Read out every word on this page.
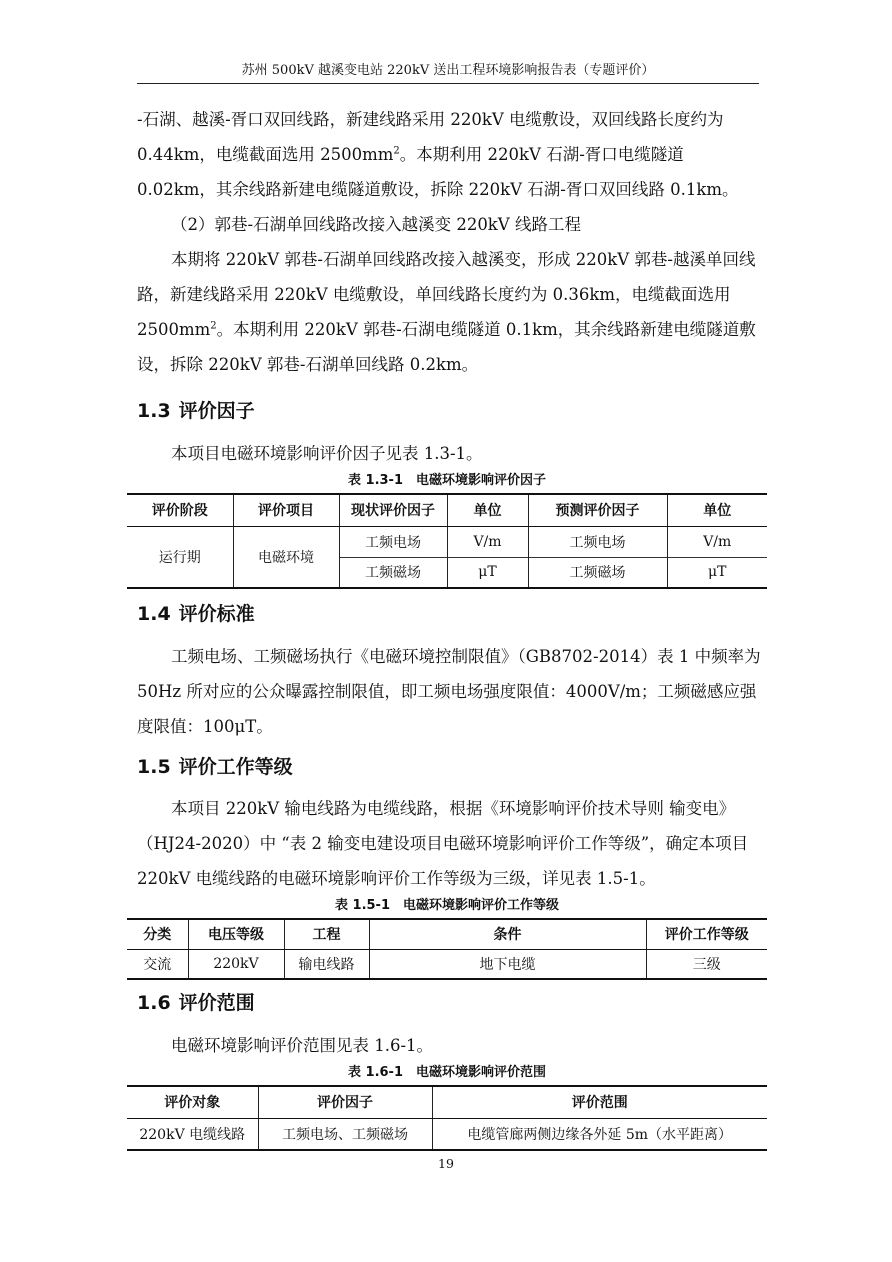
苏州 500kV 越溪变电站 220kV 送出工程环境影响报告表（专题评价）

-石湖、越溪-胥口双回线路，新建线路采用 220kV 电缆敷设，双回线路长度约为 0.44km，电缆截面选用 $2500mm^2$。本期利用 220kV 石湖-胥口电缆隧道 0.02km，其余线路新建电缆隧道敷设，拆除 220kV 石湖-胥口双回线路 0.1km。

（2）郭巷-石湖单回线路改接入越溪变 220kV 线路工程

本期将 220kV 郭巷-石湖单回线路改接入越溪变，形成 220kV 郭巷-越溪单回线路，新建线路采用 220kV 电缆敷设，单回线路长度约为 0.36km，电缆截面选用 $2500mm^2$。本期利用 220kV 郭巷-石湖电缆隧道 0.1km，其余线路新建电缆隧道敷设，拆除 220kV 郭巷-石湖单回线路 0.2km。

1.3 评价因子

本项目电磁环境影响评价因子见表 1.3-1。

表 1.3-1　电磁环境影响评价因子
评价阶段	评价项目	现状评价因子	单位	预测评价因子	单位
运行期	电磁环境	工频电场	V/m	工频电场	V/m
		工频磁场	μT	工频磁场	μT
1.4 评价标准

工频电场、工频磁场执行《电磁环境控制限值》（GB8702-2014）表 1 中频率为 50Hz 所对应的公众曝露控制限值，即工频电场强度限值：4000V/m；工频磁感应强度限值：100μT。

1.5 评价工作等级

本项目 220kV 输电线路为电缆线路，根据《环境影响评价技术导则 输变电》（HJ24-2020）中 “表 2 输变电建设项目电磁环境影响评价工作等级”，确定本项目 220kV 电缆线路的电磁环境影响评价工作等级为三级，详见表 1.5-1。

表 1.5-1　电磁环境影响评价工作等级
分类	电压等级	工程	条件	评价工作等级
交流	220kV	输电线路	地下电缆	三级
1.6 评价范围

电磁环境影响评价范围见表 1.6-1。

表 1.6-1　电磁环境影响评价范围
评价对象	评价因子	评价范围
220kV 电缆线路	工频电场、工频磁场	电缆管廊两侧边缘各外延 5m（水平距离）
19
